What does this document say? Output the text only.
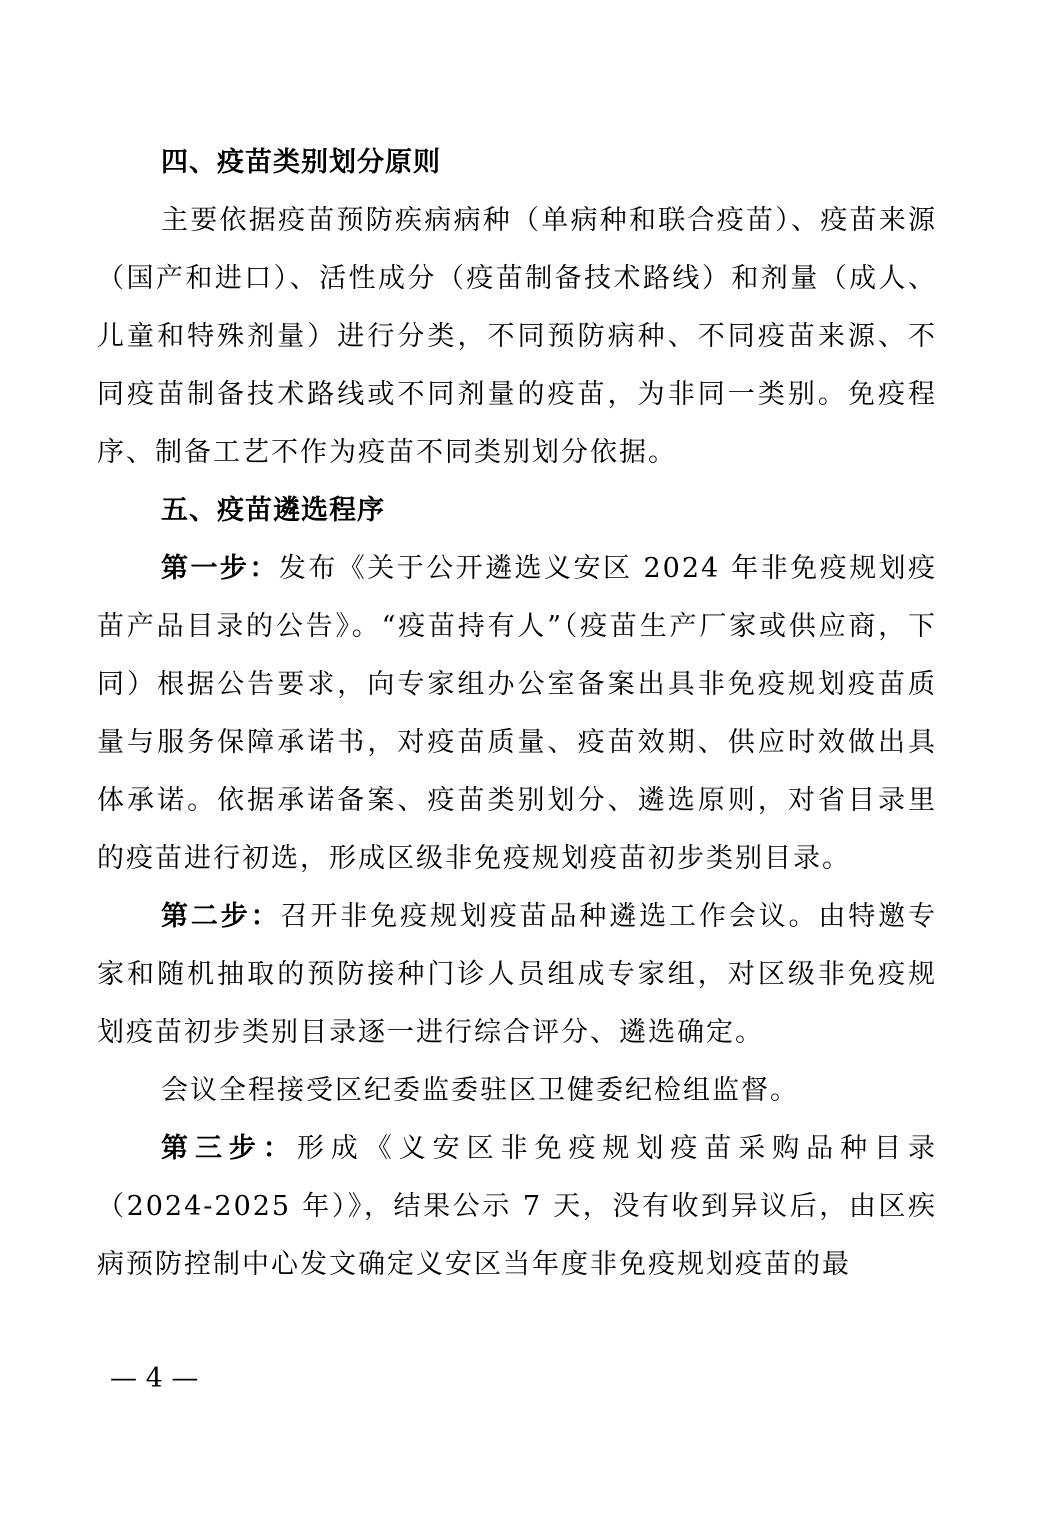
四、疫苗类别划分原则

主要依据疫苗预防疾病病种（单病种和联合疫苗）、疫苗来源（国产和进口）、活性成分（疫苗制备技术路线）和剂量（成人、儿童和特殊剂量）进行分类，不同预防病种、不同疫苗来源、不同疫苗制备技术路线或不同剂量的疫苗，为非同一类别。免疫程序、制备工艺不作为疫苗不同类别划分依据。

五、疫苗遴选程序

第一步：发布《关于公开遴选义安区 2024 年非免疫规划疫苗产品目录的公告》。“疫苗持有人”（疫苗生产厂家或供应商，下同）根据公告要求，向专家组办公室备案出具非免疫规划疫苗质量与服务保障承诺书，对疫苗质量、疫苗效期、供应时效做出具体承诺。依据承诺备案、疫苗类别划分、遴选原则，对省目录里的疫苗进行初选，形成区级非免疫规划疫苗初步类别目录。

第二步：召开非免疫规划疫苗品种遴选工作会议。由特邀专家和随机抽取的预防接种门诊人员组成专家组，对区级非免疫规划疫苗初步类别目录逐一进行综合评分、遴选确定。

会议全程接受区纪委监委驻区卫健委纪检组监督。

第三步：形成《义安区非免疫规划疫苗采购品种目录（2024-2025 年）》，结果公示 7 天，没有收到异议后，由区疾病预防控制中心发文确定义安区当年度非免疫规划疫苗的最

— 4 —
